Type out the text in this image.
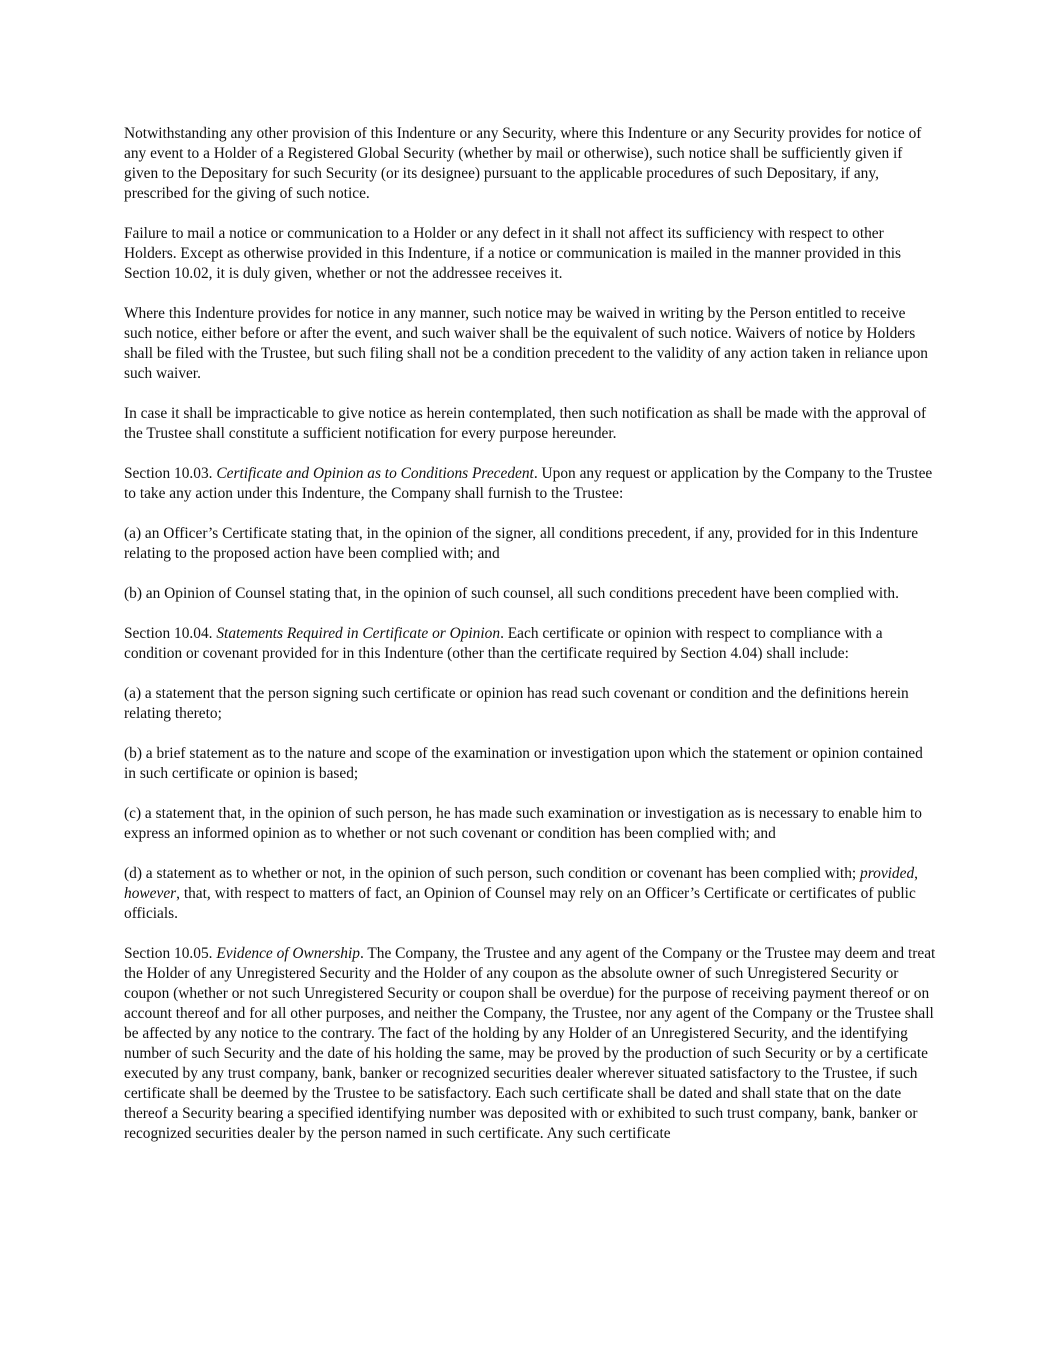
Notwithstanding any other provision of this Indenture or any Security, where this Indenture or any Security provides for notice of any event to a Holder of a Registered Global Security (whether by mail or otherwise), such notice shall be sufficiently given if given to the Depositary for such Security (or its designee) pursuant to the applicable procedures of such Depositary, if any, prescribed for the giving of such notice.

Failure to mail a notice or communication to a Holder or any defect in it shall not affect its sufficiency with respect to other Holders. Except as otherwise provided in this Indenture, if a notice or communication is mailed in the manner provided in this Section 10.02, it is duly given, whether or not the addressee receives it.

Where this Indenture provides for notice in any manner, such notice may be waived in writing by the Person entitled to receive such notice, either before or after the event, and such waiver shall be the equivalent of such notice. Waivers of notice by Holders shall be filed with the Trustee, but such filing shall not be a condition precedent to the validity of any action taken in reliance upon such waiver.

In case it shall be impracticable to give notice as herein contemplated, then such notification as shall be made with the approval of the Trustee shall constitute a sufficient notification for every purpose hereunder.

Section 10.03. Certificate and Opinion as to Conditions Precedent. Upon any request or application by the Company to the Trustee to take any action under this Indenture, the Company shall furnish to the Trustee:

(a) an Officer’s Certificate stating that, in the opinion of the signer, all conditions precedent, if any, provided for in this Indenture relating to the proposed action have been complied with; and

(b) an Opinion of Counsel stating that, in the opinion of such counsel, all such conditions precedent have been complied with.

Section 10.04. Statements Required in Certificate or Opinion. Each certificate or opinion with respect to compliance with a condition or covenant provided for in this Indenture (other than the certificate required by Section 4.04) shall include:

(a) a statement that the person signing such certificate or opinion has read such covenant or condition and the definitions herein relating thereto;

(b) a brief statement as to the nature and scope of the examination or investigation upon which the statement or opinion contained in such certificate or opinion is based;

(c) a statement that, in the opinion of such person, he has made such examination or investigation as is necessary to enable him to express an informed opinion as to whether or not such covenant or condition has been complied with; and

(d) a statement as to whether or not, in the opinion of such person, such condition or covenant has been complied with; provided, however, that, with respect to matters of fact, an Opinion of Counsel may rely on an Officer’s Certificate or certificates of public officials.

Section 10.05. Evidence of Ownership. The Company, the Trustee and any agent of the Company or the Trustee may deem and treat the Holder of any Unregistered Security and the Holder of any coupon as the absolute owner of such Unregistered Security or coupon (whether or not such Unregistered Security or coupon shall be overdue) for the purpose of receiving payment thereof or on account thereof and for all other purposes, and neither the Company, the Trustee, nor any agent of the Company or the Trustee shall be affected by any notice to the contrary. The fact of the holding by any Holder of an Unregistered Security, and the identifying number of such Security and the date of his holding the same, may be proved by the production of such Security or by a certificate executed by any trust company, bank, banker or recognized securities dealer wherever situated satisfactory to the Trustee, if such certificate shall be deemed by the Trustee to be satisfactory. Each such certificate shall be dated and shall state that on the date thereof a Security bearing a specified identifying number was deposited with or exhibited to such trust company, bank, banker or recognized securities dealer by the person named in such certificate. Any such certificate
